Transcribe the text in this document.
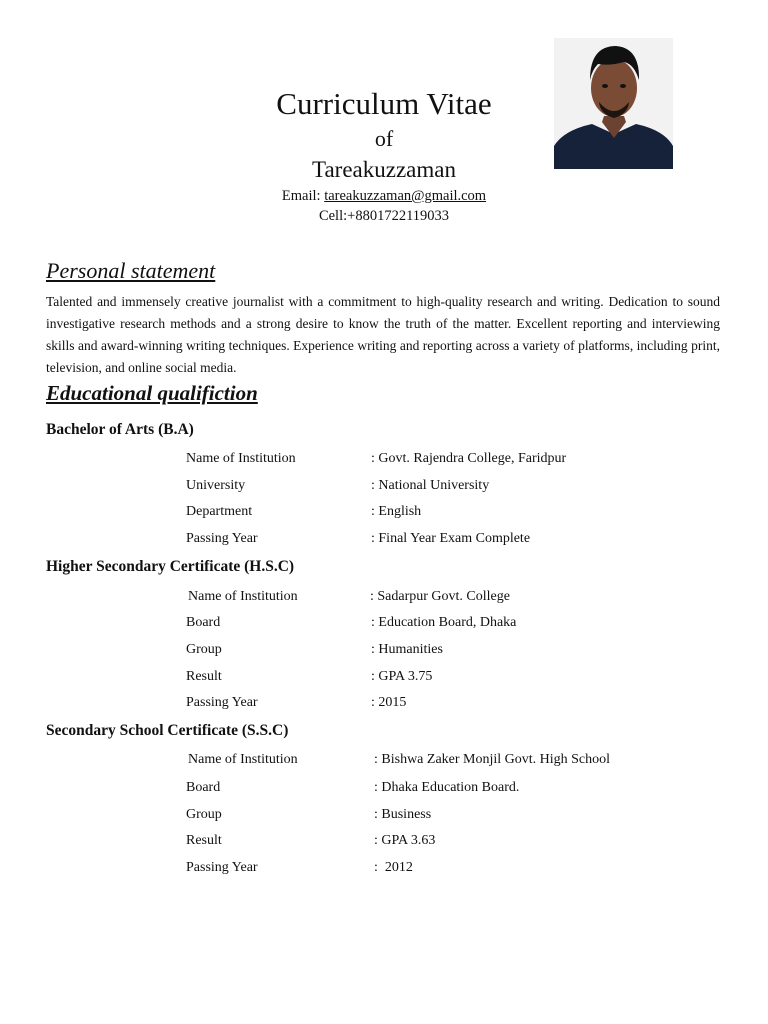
Curriculum Vitae
of
Tareakuzzaman
Email: tareakuzzaman@gmail.com
Cell:+8801722119033
Personal statement
Talented and immensely creative journalist with a commitment to high-quality research and writing. Dedication to sound investigative research methods and a strong desire to know the truth of the matter. Excellent reporting and interviewing skills and award-winning writing techniques. Experience writing and reporting across a variety of platforms, including print, television, and online social media.
Educational qualifiction
Bachelor of Arts (B.A)
Name of Institution	: Govt. Rajendra College, Faridpur
University	: National University
Department	: English
Passing Year	: Final Year Exam Complete
Higher Secondary Certificate (H.S.C)
Name of Institution	: Sadarpur Govt. College
Board	: Education Board, Dhaka
Group	: Humanities
Result	: GPA 3.75
Passing Year	: 2015
Secondary School Certificate (S.S.C)
Name of Institution	: Bishwa Zaker Monjil Govt. High School
Board	: Dhaka Education Board.
Group	: Business
Result	: GPA 3.63
Passing Year	:  2012
